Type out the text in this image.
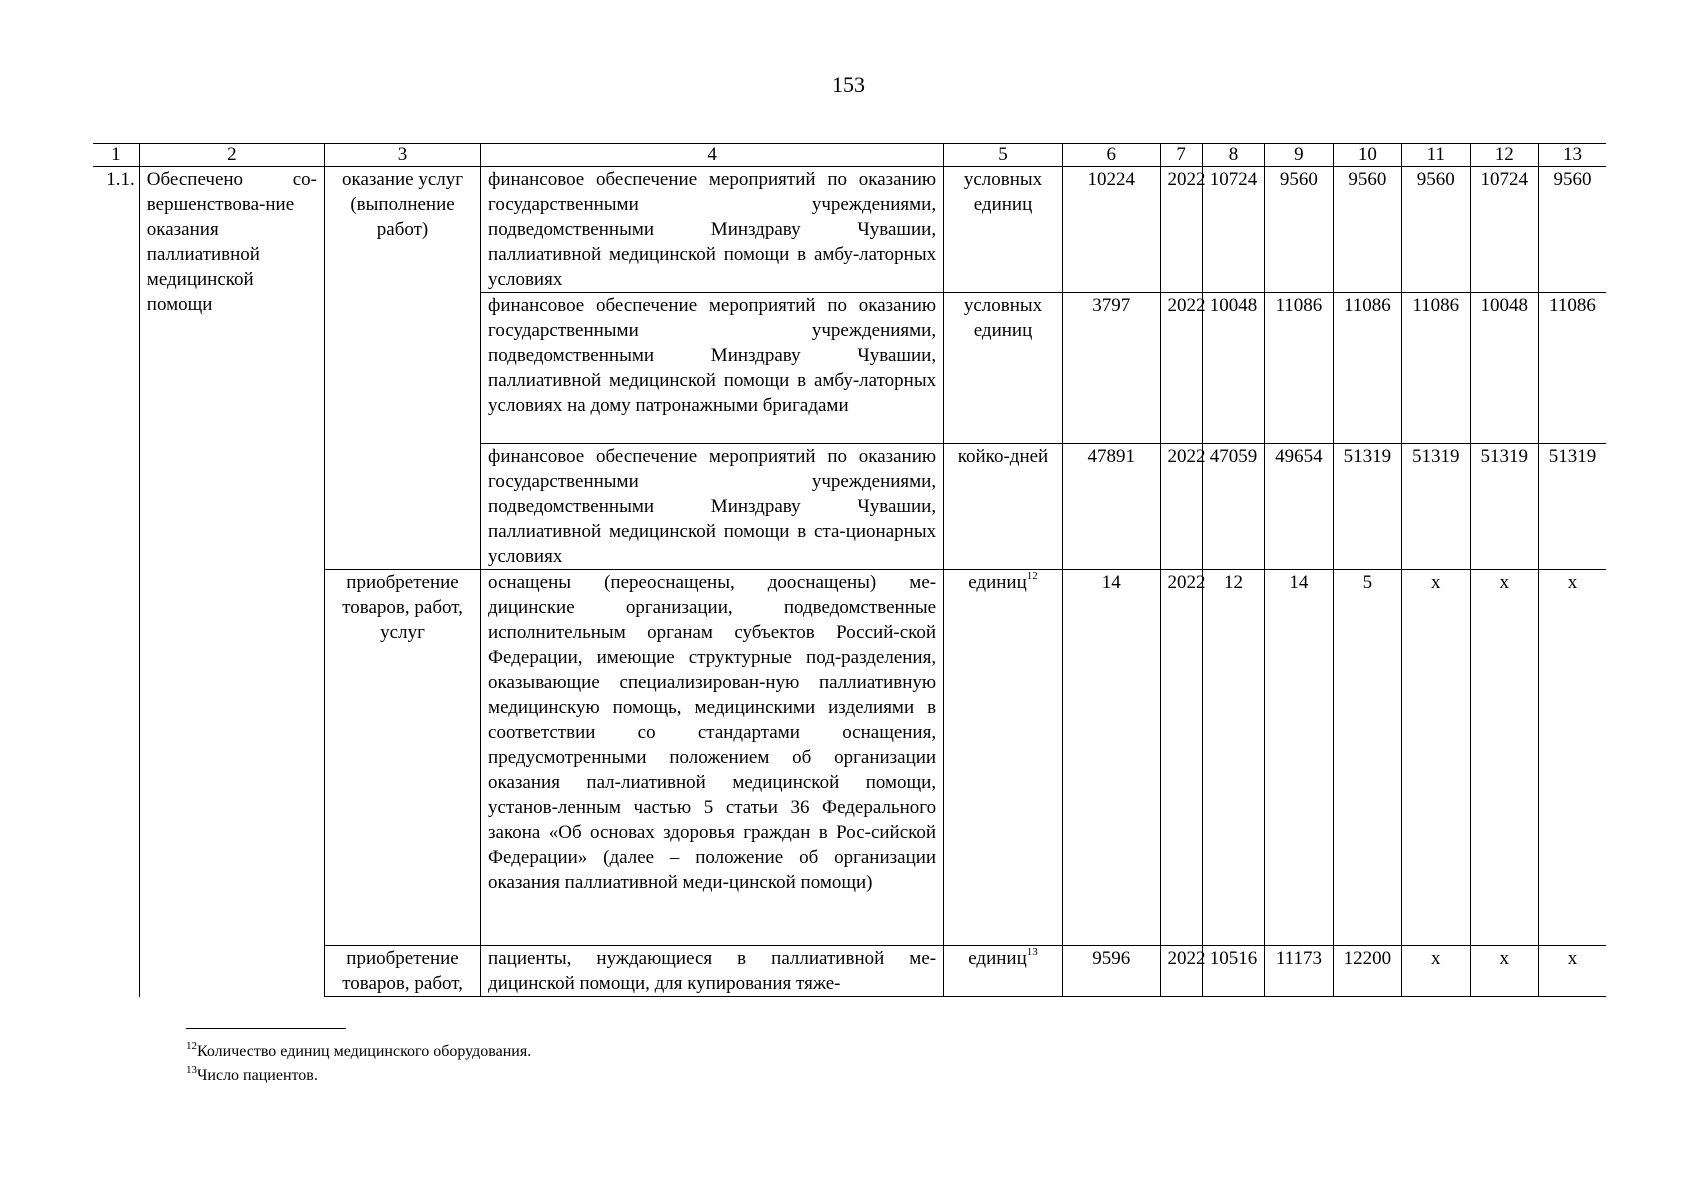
153
1	2	3	4	5	6	7	8	9	10	11	12	13
1.1.	Обеспечено со-вершенствова-ние оказания паллиативной медицинской помощи	оказание услуг (выполнение работ)	финансовое обеспечение мероприятий по оказанию государственными учреждениями, подведомственными Минздраву Чувашии, паллиативной медицинской помощи в амбу-латорных условиях	условных единиц	10224	2022	10724	9560	9560	9560	10724	9560
			финансовое обеспечение мероприятий по оказанию государственными учреждениями, подведомственными Минздраву Чувашии, паллиативной медицинской помощи в амбу-латорных условиях на дому патронажными бригадами	условных единиц	3797	2022	10048	11086	11086	11086	10048	11086
			финансовое обеспечение мероприятий по оказанию государственными учреждениями, подведомственными Минздраву Чувашии, паллиативной медицинской помощи в ста-ционарных условиях	койко-дней	47891	2022	47059	49654	51319	51319	51319	51319
		приобретение товаров, работ, услуг	оснащены (переоснащены, дооснащены) ме-дицинские организации, подведомственные исполнительным органам субъектов Россий-ской Федерации, имеющие структурные под-разделения, оказывающие специализирован-ную паллиативную медицинскую помощь, медицинскими изделиями в соответствии со стандартами оснащения, предусмотренными положением об организации оказания пал-лиативной медицинской помощи, установ-ленным частью 5 статьи 36 Федерального закона «Об основах здоровья граждан в Рос-сийской Федерации» (далее – положение об организации оказания паллиативной меди-цинской помощи)	единиц$^{12}$	14	2022	12	14	5	х	х	х

		приобретение товаров, работ,	пациенты, нуждающиеся в паллиативной ме-дицинской помощи, для купирования тяже-	единиц$^{13}$	9596	2022	10516	11173	12200	х	х	х
$^{12}$Количество единиц медицинского оборудования.
$^{13}$Число пациентов.
